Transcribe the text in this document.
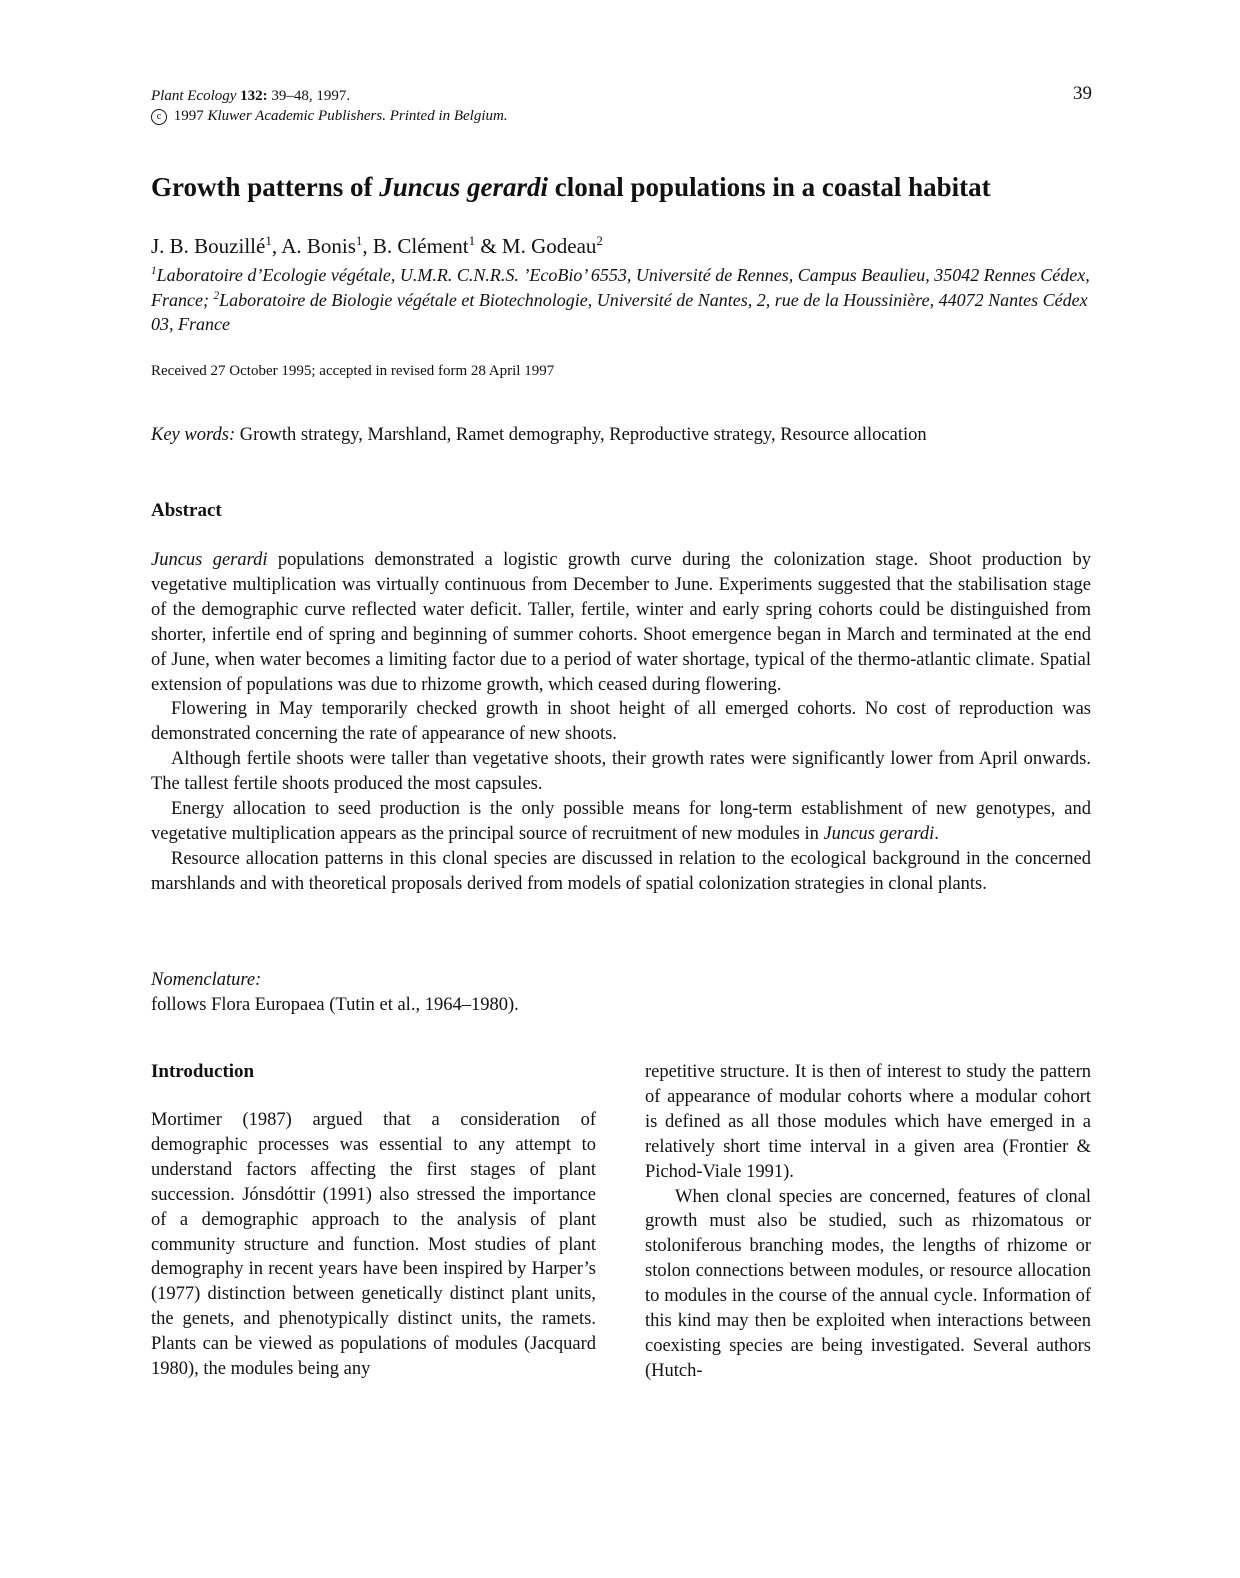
Plant Ecology 132: 39–48, 1997.
c 1997 Kluwer Academic Publishers. Printed in Belgium.
39
Growth patterns of Juncus gerardi clonal populations in a coastal habitat
J. B. Bouzillé$^1$, A. Bonis$^1$, B. Clément$^1$ & M. Godeau$^2$
$^1$Laboratoire d’Ecologie végétale, U.M.R. C.N.R.S. ’EcoBio’ 6553, Université de Rennes, Campus Beaulieu, 35042 Rennes Cédex, France; $^2$Laboratoire de Biologie végétale et Biotechnologie, Université de Nantes, 2, rue de la Houssinière, 44072 Nantes Cédex 03, France
Received 27 October 1995; accepted in revised form 28 April 1997
Key words: Growth strategy, Marshland, Ramet demography, Reproductive strategy, Resource allocation
Abstract

Juncus gerardi populations demonstrated a logistic growth curve during the colonization stage. Shoot production by vegetative multiplication was virtually continuous from December to June. Experiments suggested that the stabilisation stage of the demographic curve reflected water deficit. Taller, fertile, winter and early spring cohorts could be distinguished from shorter, infertile end of spring and beginning of summer cohorts. Shoot emergence began in March and terminated at the end of June, when water becomes a limiting factor due to a period of water shortage, typical of the thermo-atlantic climate. Spatial extension of populations was due to rhizome growth, which ceased during flowering.

Flowering in May temporarily checked growth in shoot height of all emerged cohorts. No cost of reproduction was demonstrated concerning the rate of appearance of new shoots.

Although fertile shoots were taller than vegetative shoots, their growth rates were significantly lower from April onwards. The tallest fertile shoots produced the most capsules.

Energy allocation to seed production is the only possible means for long-term establishment of new genotypes, and vegetative multiplication appears as the principal source of recruitment of new modules in Juncus gerardi.

Resource allocation patterns in this clonal species are discussed in relation to the ecological background in the concerned marshlands and with theoretical proposals derived from models of spatial colonization strategies in clonal plants.

Nomenclature:
follows Flora Europaea (Tutin et al., 1964–1980).
Introduction

Mortimer (1987) argued that a consideration of demographic processes was essential to any attempt to understand factors affecting the first stages of plant succession. Jónsdóttir (1991) also stressed the importance of a demographic approach to the analysis of plant community structure and function. Most studies of plant demography in recent years have been inspired by Harper’s (1977) distinction between genetically distinct plant units, the genets, and phenotypically distinct units, the ramets. Plants can be viewed as populations of modules (Jacquard 1980), the modules being any

repetitive structure. It is then of interest to study the pattern of appearance of modular cohorts where a modular cohort is defined as all those modules which have emerged in a relatively short time interval in a given area (Frontier & Pichod-Viale 1991).

When clonal species are concerned, features of clonal growth must also be studied, such as rhizomatous or stoloniferous branching modes, the lengths of rhizome or stolon connections between modules, or resource allocation to modules in the course of the annual cycle. Information of this kind may then be exploited when interactions between coexisting species are being investigated. Several authors (Hutch-
